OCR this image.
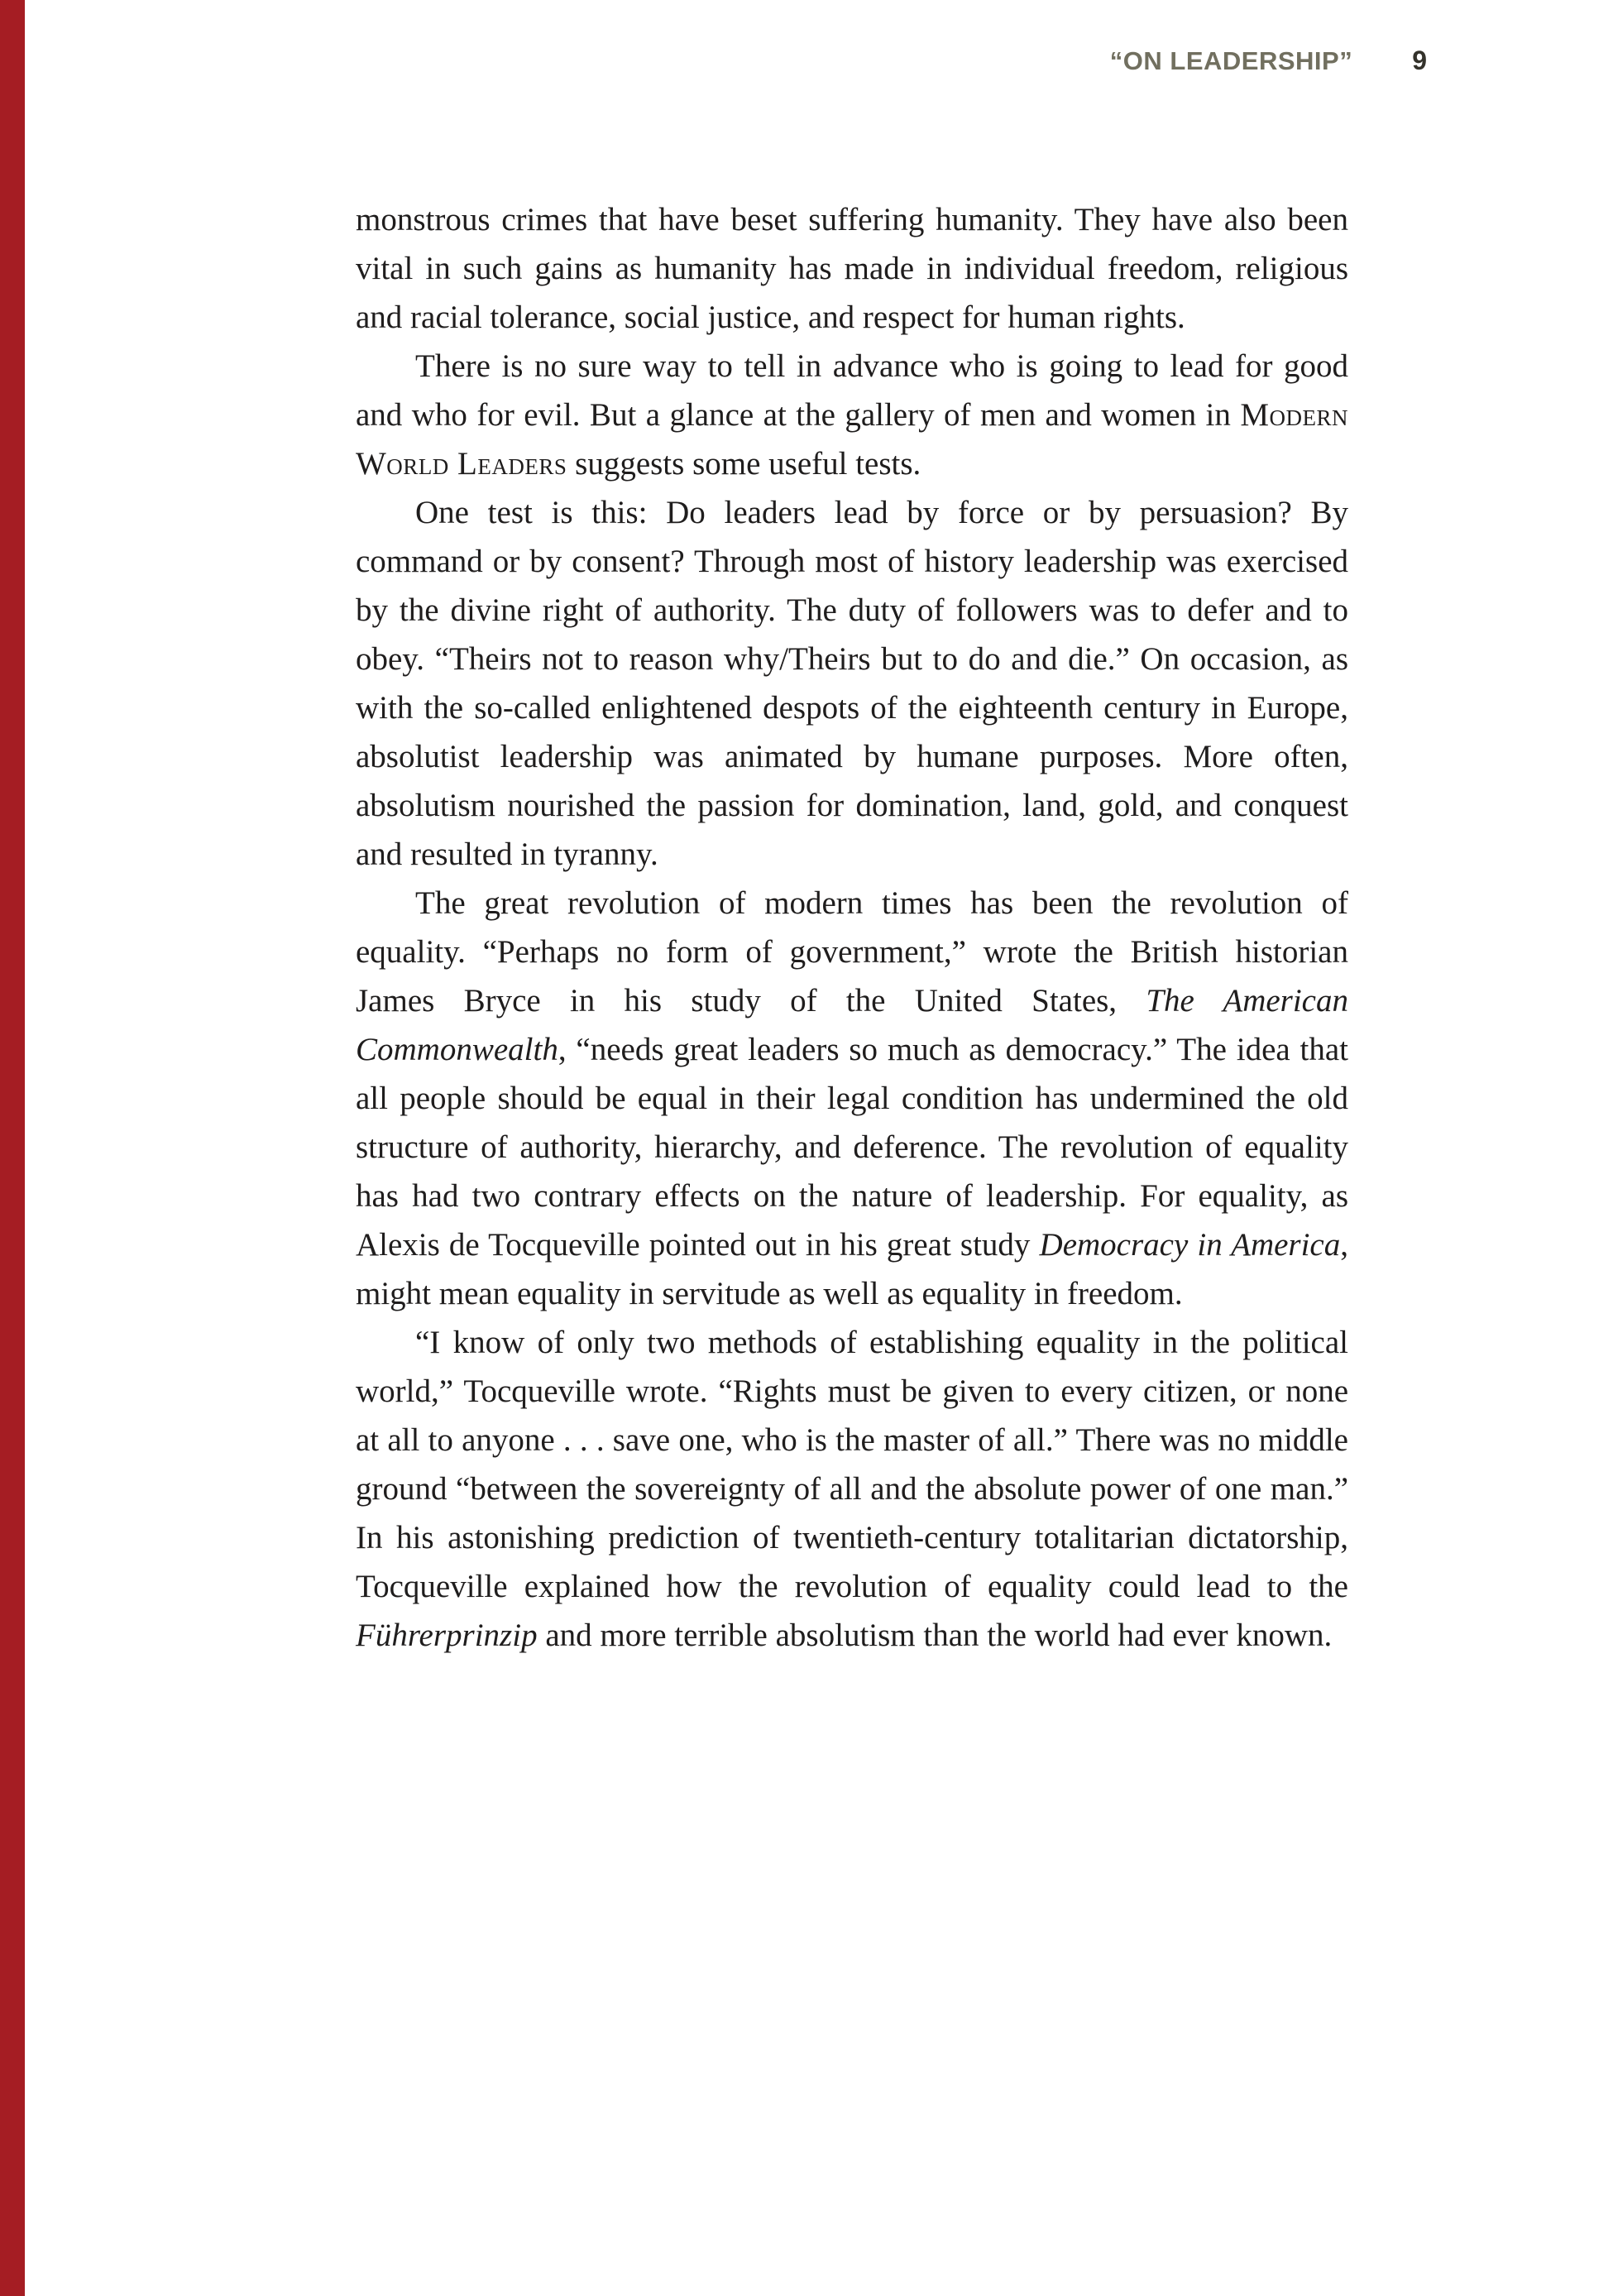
“ON LEADERSHIP” 9

monstrous crimes that have beset suffering humanity. They have also been vital in such gains as humanity has made in individual freedom, religious and racial tolerance, social justice, and respect for human rights.

There is no sure way to tell in advance who is going to lead for good and who for evil. But a glance at the gallery of men and women in Modern World Leaders suggests some useful tests.

One test is this: Do leaders lead by force or by persuasion? By command or by consent? Through most of history leadership was exercised by the divine right of authority. The duty of followers was to defer and to obey. “Theirs not to reason why/Theirs but to do and die.” On occasion, as with the so-called enlightened despots of the eighteenth century in Europe, absolutist leadership was animated by humane purposes. More often, absolutism nourished the passion for domination, land, gold, and conquest and resulted in tyranny.

The great revolution of modern times has been the revolution of equality. “Perhaps no form of government,” wrote the British historian James Bryce in his study of the United States, The American Commonwealth, “needs great leaders so much as democracy.” The idea that all people should be equal in their legal condition has undermined the old structure of authority, hierarchy, and deference. The revolution of equality has had two contrary effects on the nature of leadership. For equality, as Alexis de Tocqueville pointed out in his great study Democracy in America, might mean equality in servitude as well as equality in freedom.

“I know of only two methods of establishing equality in the political world,” Tocqueville wrote. “Rights must be given to every citizen, or none at all to anyone . . . save one, who is the master of all.” There was no middle ground “between the sovereignty of all and the absolute power of one man.” In his astonishing prediction of twentieth-century totalitarian dictatorship, Tocqueville explained how the revolution of equality could lead to the Führerprinzip and more terrible absolutism than the world had ever known.
